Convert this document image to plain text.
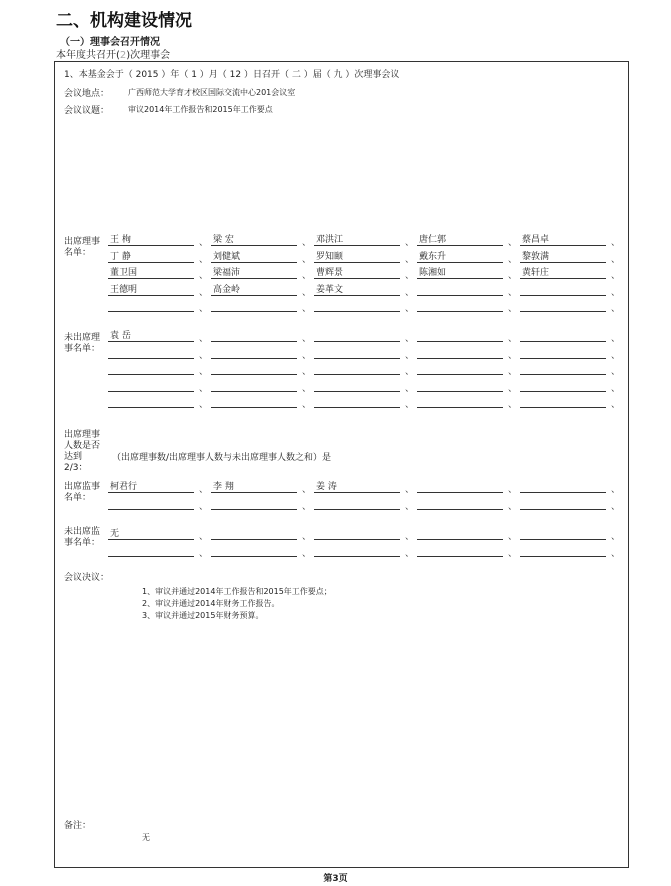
二、机构建设情况
（一）理事会召开情况
本年度共召开(2)次理事会
1、本基金会于（ 2015 ）年（ 1 ）月（ 12 ）日召开（ 二 ）届（ 九 ）次理事会议
会议地点： 广西师范大学育才校区国际交流中心201会议室
会议议题： 审议2014年工作报告和2015年工作要点
出席理事名单：
王 栒	、 梁 宏	、 邓洪江	、 唐仁郭	、 蔡昌卓	、
丁 静	、 刘健斌	、 罗知颐	、 戴东升	、 黎敦满	、
董卫国	、 梁福沛	、 曹辉景	、 陈湘如	、 黄轩庄	、
王德明	、 高金岭	、 姜革文	、	、	、
、	、	、	、	、
未出席理事名单：
袁 岳	、	、	、	、	、
、	、	、	、	、
、	、	、	、	、
、	、	、	、	、
、	、	、	、	、
出席理事人数是否达到2/3：
（出席理事数/出席理事人数与未出席理事人数之和）是
出席监事名单：
柯君行	、 李 翔	、 姜 涛	、	、	、
、	、	、	、	、
未出席监事名单：
无	、	、	、	、	、
、	、	、	、	、
会议决议：
1、审议并通过2014年工作报告和2015年工作要点；
2、审议并通过2014年财务工作报告。
3、审议并通过2015年财务预算。
备注：
无
第3页
